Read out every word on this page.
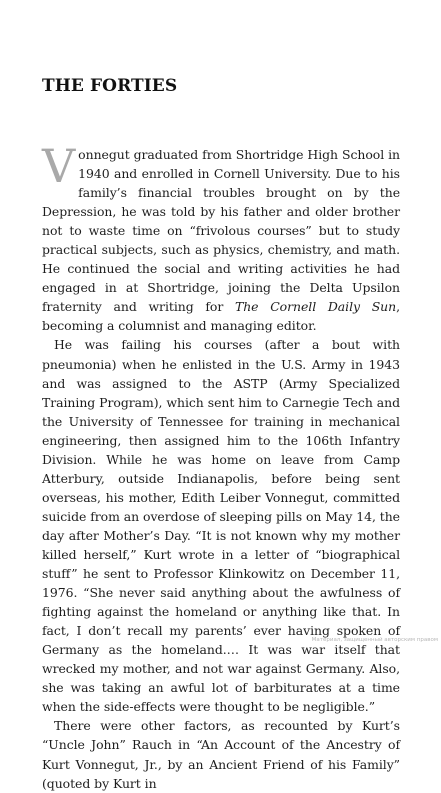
THE FORTIES

Vonnegut graduated from Shortridge High School in 1940 and enrolled in Cornell University. Due to his family’s financial troubles brought on by the Depression, he was told by his father and older brother not to waste time on “frivolous courses” but to study practical subjects, such as physics, chemistry, and math. He continued the social and writing activities he had engaged in at Shortridge, joining the Delta Upsilon fraternity and writing for The Cornell Daily Sun, becoming a columnist and managing editor.

He was failing his courses (after a bout with pneumonia) when he enlisted in the U.S. Army in 1943 and was assigned to the ASTP (Army Specialized Training Program), which sent him to Carnegie Tech and the University of Tennessee for training in mechanical engineering, then assigned him to the 106th Infantry Division. While he was home on leave from Camp Atterbury, outside Indianapolis, before being sent overseas, his mother, Edith Leiber Vonnegut, committed suicide from an overdose of sleeping pills on May 14, the day after Mother’s Day. “It is not known why my mother killed herself,” Kurt wrote in a letter of “biographical stuff” he sent to Professor Klinkowitz on December 11, 1976. “She never said anything about the awfulness of fighting against the homeland or anything like that. In fact, I don’t recall my parents’ ever having spoken of Germany as the homeland.… It was war itself that wrecked my mother, and not war against Germany. Also, she was taking an awful lot of barbiturates at a time when the side-effects were thought to be negligible.”

There were other factors, as recounted by Kurt’s “Uncle John” Rauch in “An Account of the Ancestry of Kurt Vonnegut, Jr., by an Ancient Friend of his Family” (quoted by Kurt in

Материал, защищенный авторским правом
